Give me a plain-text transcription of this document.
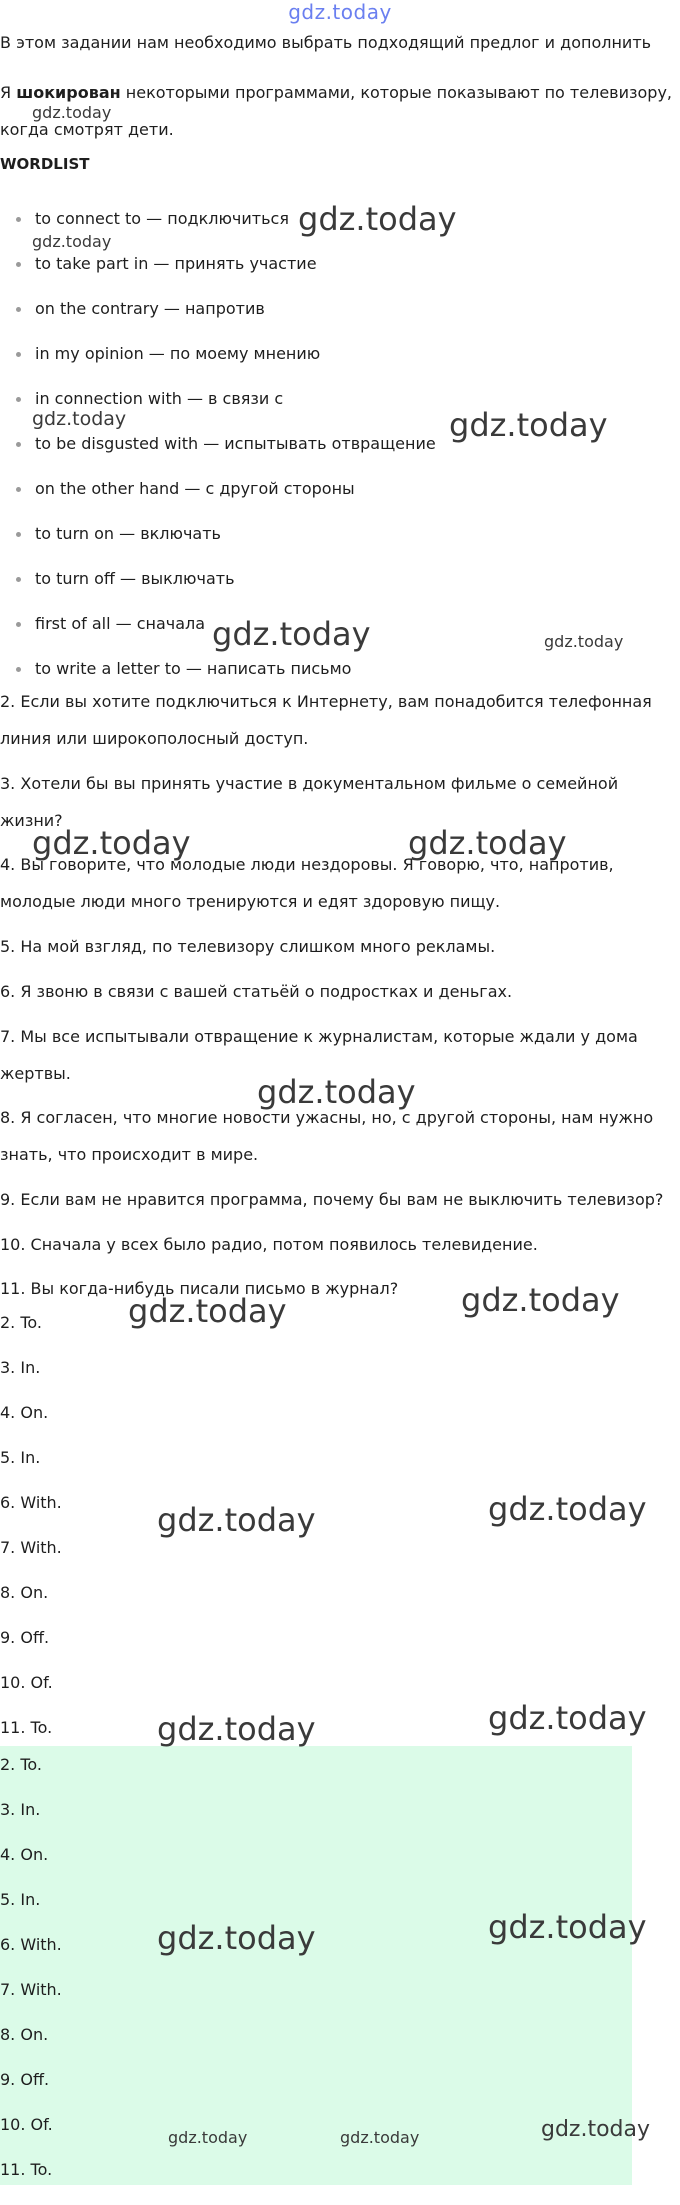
gdz.today
В этом задании нам необходимо выбрать подходящий предлог и дополнить
Я шокирован некоторыми программами, которые показывают по телевизору,
когда смотрят дети.
WORDLIST
to connect to — подключиться
to take part in — принять участие
on the contrary — напротив
in my opinion — по моему мнению
in connection with — в связи с
to be disgusted with — испытывать отвращение
on the other hand — с другой стороны
to turn on — включать
to turn off — выключать
first of all — сначала
to write a letter to — написать письмо
2. Если вы хотите подключиться к Интернету, вам понадобится телефонная
линия или широкополосный доступ.
3. Хотели бы вы принять участие в документальном фильме о семейной
жизни?
4. Вы говорите, что молодые люди нездоровы. Я говорю, что, напротив,
молодые люди много тренируются и едят здоровую пищу.
5. На мой взгляд, по телевизору слишком много рекламы.
6. Я звоню в связи с вашей статьёй о подростках и деньгах.
7. Мы все испытывали отвращение к журналистам, которые ждали у дома
жертвы.
8. Я согласен, что многие новости ужасны, но, с другой стороны, нам нужно
знать, что происходит в мире.
9. Если вам не нравится программа, почему бы вам не выключить телевизор?
10. Сначала у всех было радио, потом появилось телевидение.
11. Вы когда-нибудь писали письмо в журнал?
2. To.
3. In.
4. On.
5. In.
6. With.
7. With.
8. On.
9. Off.
10. Of.
11. To.
2. To.
3. In.
4. On.
5. In.
6. With.
7. With.
8. On.
9. Off.
10. Of.
11. To.
gdz.today
gdz.today
gdz.today
gdz.today	gdz.today
gdz.today	gdz.today
gdz.today	gdz.today
gdz.today
gdz.today	gdz.today
gdz.today	gdz.today
gdz.today	gdz.today
gdz.today	gdz.today
gdz.today	gdz.today	gdz.today
